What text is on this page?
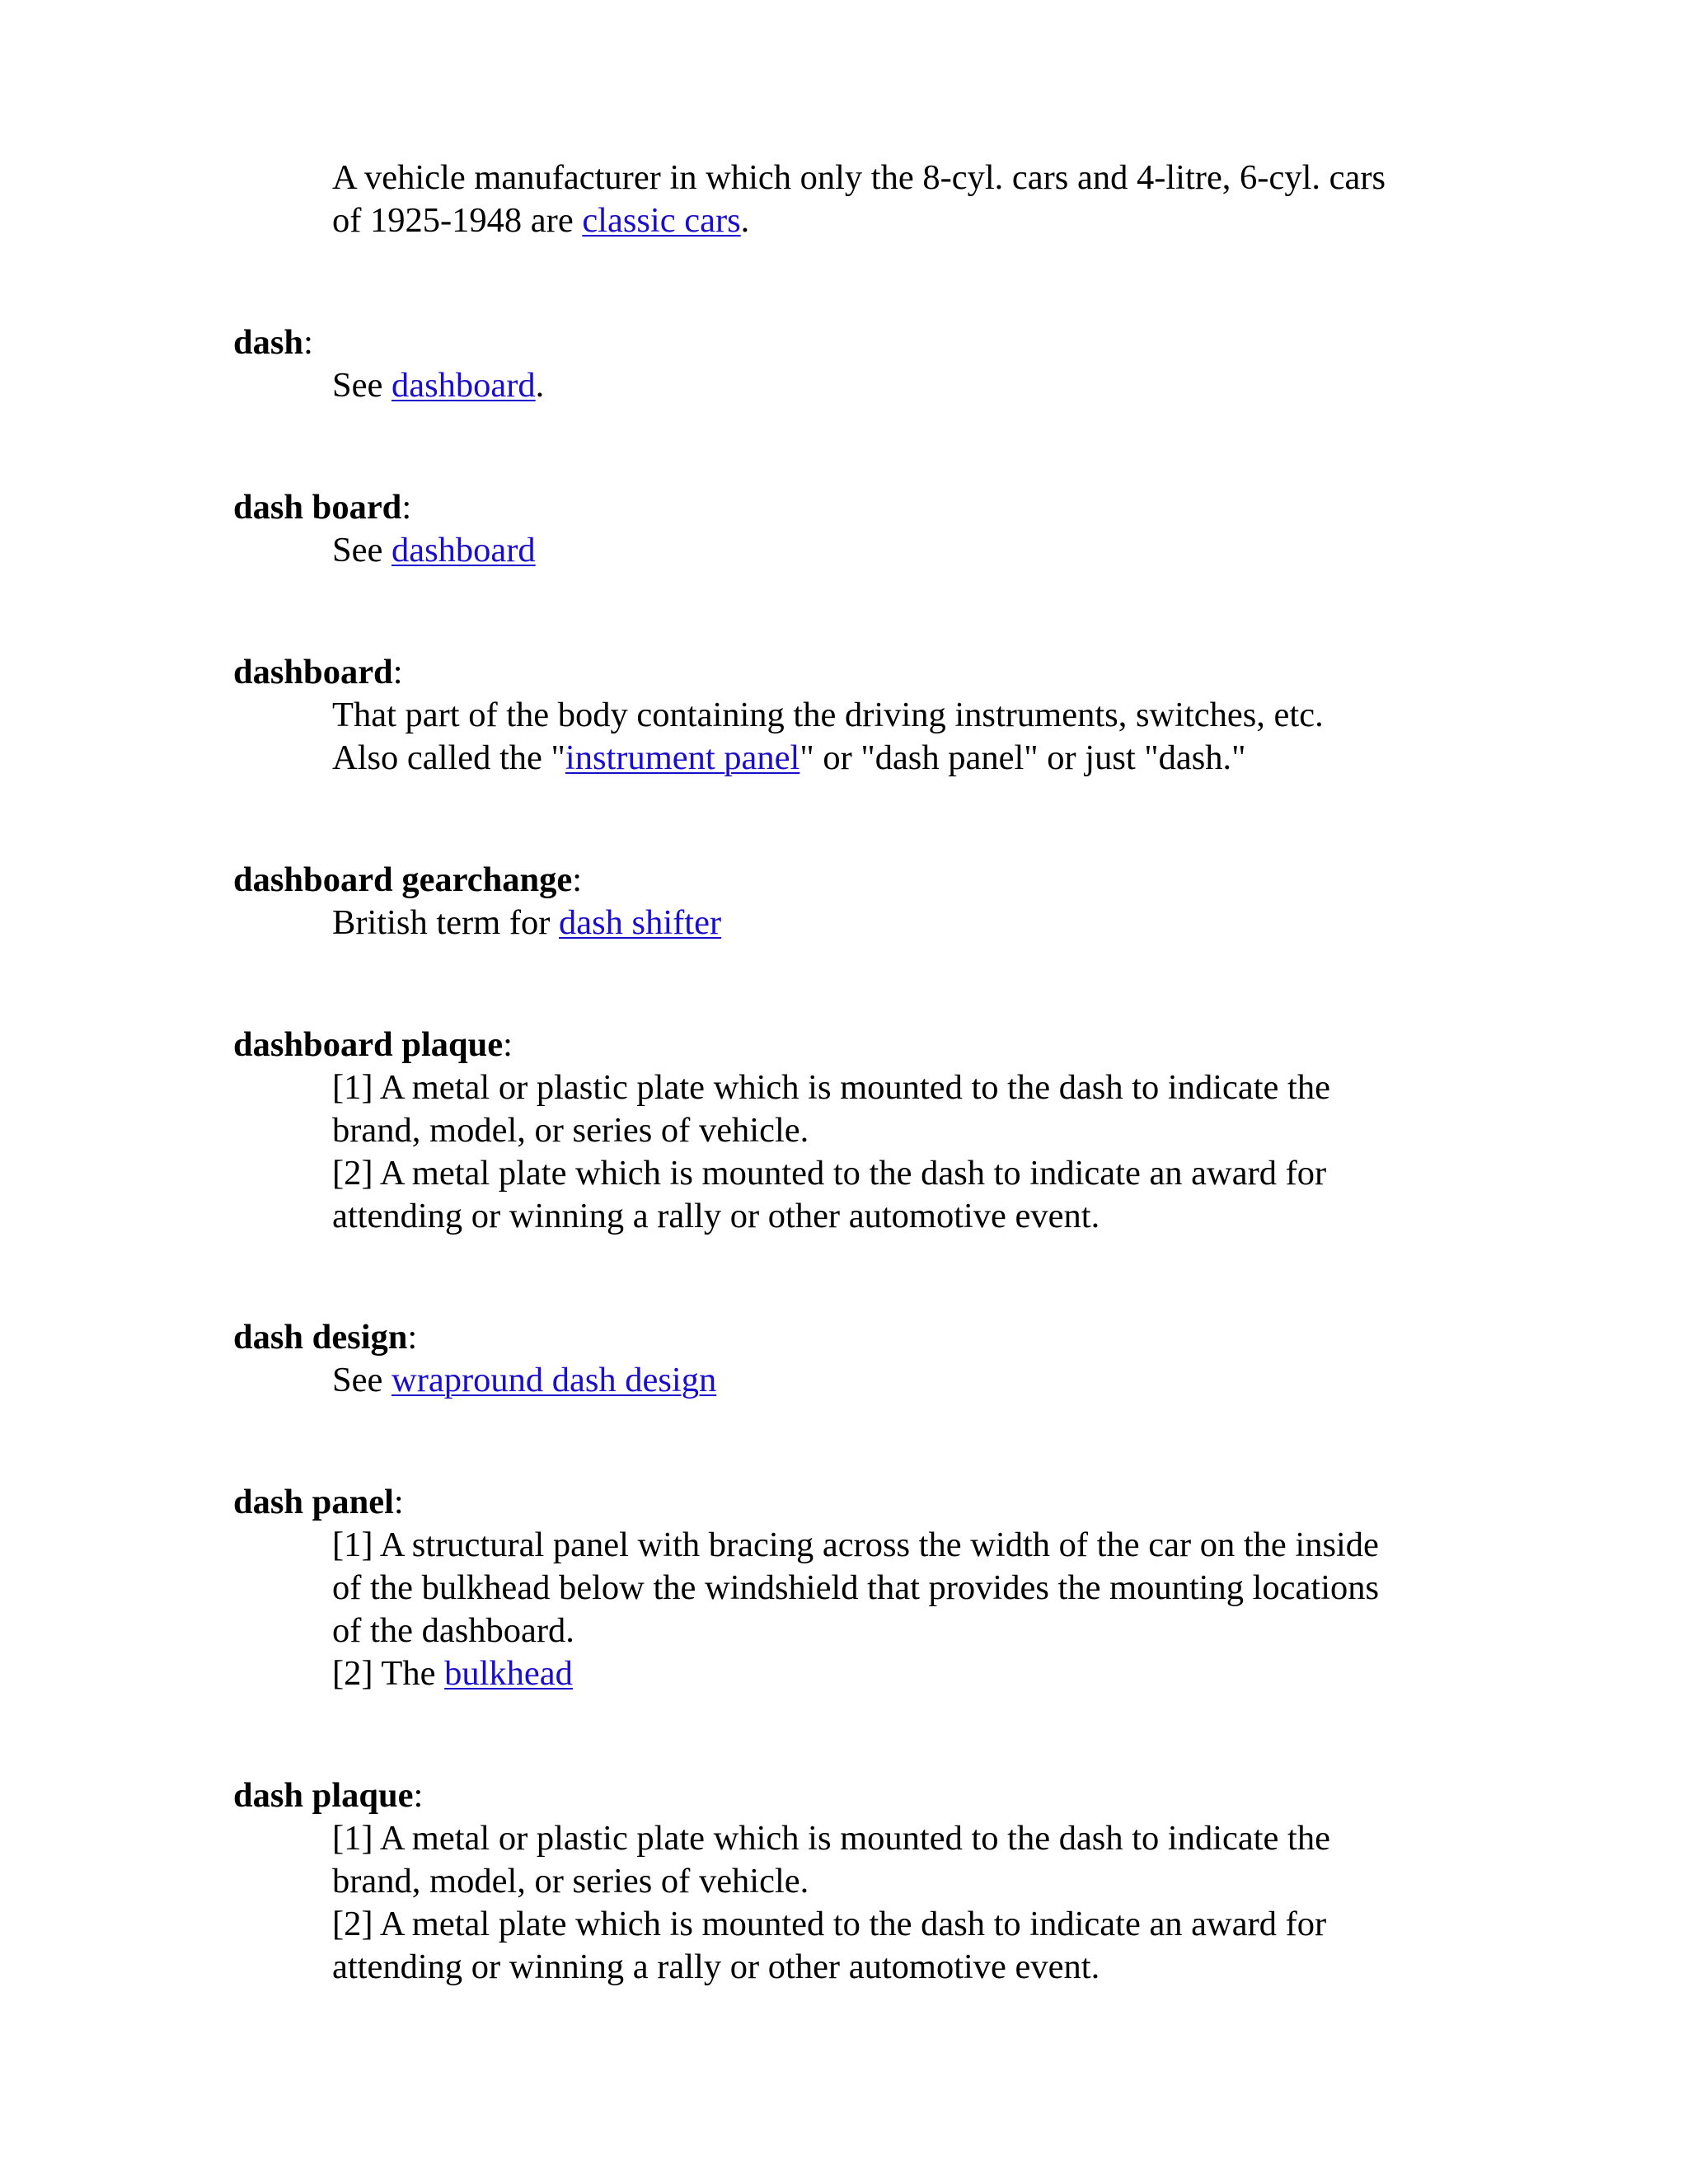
A vehicle manufacturer in which only the 8-cyl. cars and 4-litre, 6-cyl. cars

of 1925-1948 are classic cars.

dash:

See dashboard.

dash board:

See dashboard

dashboard:

That part of the body containing the driving instruments, switches, etc.

Also called the "instrument panel" or "dash panel" or just "dash."

dashboard gearchange:

British term for dash shifter

dashboard plaque:

[1] A metal or plastic plate which is mounted to the dash to indicate the

brand, model, or series of vehicle.

[2] A metal plate which is mounted to the dash to indicate an award for

attending or winning a rally or other automotive event.

dash design:

See wrapround dash design

dash panel:

[1] A structural panel with bracing across the width of the car on the inside

of the bulkhead below the windshield that provides the mounting locations

of the dashboard.

[2] The bulkhead

dash plaque:

[1] A metal or plastic plate which is mounted to the dash to indicate the

brand, model, or series of vehicle.

[2] A metal plate which is mounted to the dash to indicate an award for

attending or winning a rally or other automotive event.
